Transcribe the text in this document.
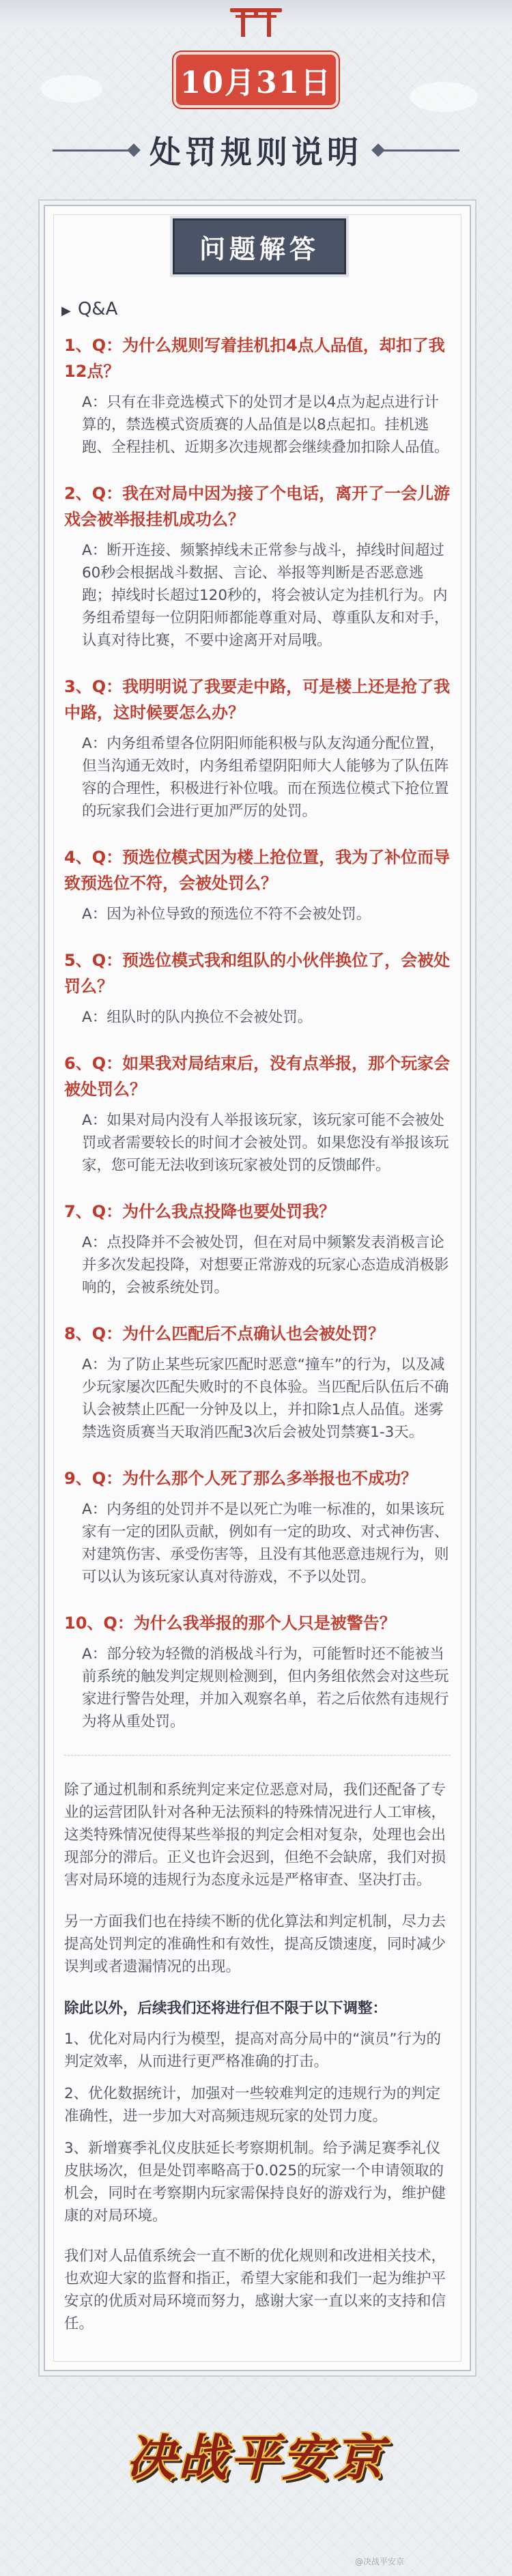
10月31日
处罚规则说明
问题解答
▶ Q&A
1、Q：为什么规则写着挂机扣4点人品值，却扣了我12点？
A：只有在非竞选模式下的处罚才是以4点为起点进行计算的，禁选模式资质赛的人品值是以8点起扣。挂机逃跑、全程挂机、近期多次违规都会继续叠加扣除人品值。
2、Q：我在对局中因为接了个电话，离开了一会儿游戏会被举报挂机成功么？
A：断开连接、频繁掉线未正常参与战斗，掉线时间超过60秒会根据战斗数据、言论、举报等判断是否恶意逃跑；掉线时长超过120秒的，将会被认定为挂机行为。内务组希望每一位阴阳师都能尊重对局、尊重队友和对手，认真对待比赛，不要中途离开对局哦。
3、Q：我明明说了我要走中路，可是楼上还是抢了我中路，这时候要怎么办？
A：内务组希望各位阴阳师能积极与队友沟通分配位置，但当沟通无效时，内务组希望阴阳师大人能够为了队伍阵容的合理性，积极进行补位哦。而在预选位模式下抢位置的玩家我们会进行更加严厉的处罚。
4、Q：预选位模式因为楼上抢位置，我为了补位而导致预选位不符，会被处罚么？
A：因为补位导致的预选位不符不会被处罚。
5、Q：预选位模式我和组队的小伙伴换位了，会被处罚么？
A：组队时的队内换位不会被处罚。
6、Q：如果我对局结束后，没有点举报，那个玩家会被处罚么？
A：如果对局内没有人举报该玩家，该玩家可能不会被处罚或者需要较长的时间才会被处罚。如果您没有举报该玩家，您可能无法收到该玩家被处罚的反馈邮件。
7、Q：为什么我点投降也要处罚我？
A：点投降并不会被处罚，但在对局中频繁发表消极言论并多次发起投降，对想要正常游戏的玩家心态造成消极影响的，会被系统处罚。
8、Q：为什么匹配后不点确认也会被处罚？
A：为了防止某些玩家匹配时恶意“撞车”的行为，以及减少玩家屡次匹配失败时的不良体验。当匹配后队伍后不确认会被禁止匹配一分钟及以上，并扣除1点人品值。迷雾禁选资质赛当天取消匹配3次后会被处罚禁赛1-3天。
9、Q：为什么那个人死了那么多举报也不成功？
A：内务组的处罚并不是以死亡为唯一标准的，如果该玩家有一定的团队贡献，例如有一定的助攻、对式神伤害、对建筑伤害、承受伤害等，且没有其他恶意违规行为，则可以认为该玩家认真对待游戏，不予以处罚。
10、Q：为什么我举报的那个人只是被警告？
A：部分较为轻微的消极战斗行为，可能暂时还不能被当前系统的触发判定规则检测到，但内务组依然会对这些玩家进行警告处理，并加入观察名单，若之后依然有违规行为将从重处罚。

除了通过机制和系统判定来定位恶意对局，我们还配备了专业的运营团队针对各种无法预料的特殊情况进行人工审核，这类特殊情况使得某些举报的判定会相对复杂，处理也会出现部分的滞后。正义也许会迟到，但绝不会缺席，我们对损害对局环境的违规行为态度永远是严格审查、坚决打击。

另一方面我们也在持续不断的优化算法和判定机制，尽力去提高处罚判定的准确性和有效性，提高反馈速度，同时减少误判或者遗漏情况的出现。

除此以外，后续我们还将进行但不限于以下调整：

1、优化对局内行为模型，提高对高分局中的“演员”行为的判定效率，从而进行更严格准确的打击。

2、优化数据统计，加强对一些较难判定的违规行为的判定准确性，进一步加大对高频违规玩家的处罚力度。

3、新增赛季礼仪皮肤延长考察期机制。给予满足赛季礼仪皮肤场次，但是处罚率略高于0.025的玩家一个申请领取的机会，同时在考察期内玩家需保持良好的游戏行为，维护健康的对局环境。

我们对人品值系统会一直不断的优化规则和改进相关技术，也欢迎大家的监督和指正，希望大家能和我们一起为维护平安京的优质对局环境而努力，感谢大家一直以来的支持和信任。

决战平安京
@决战平安京
